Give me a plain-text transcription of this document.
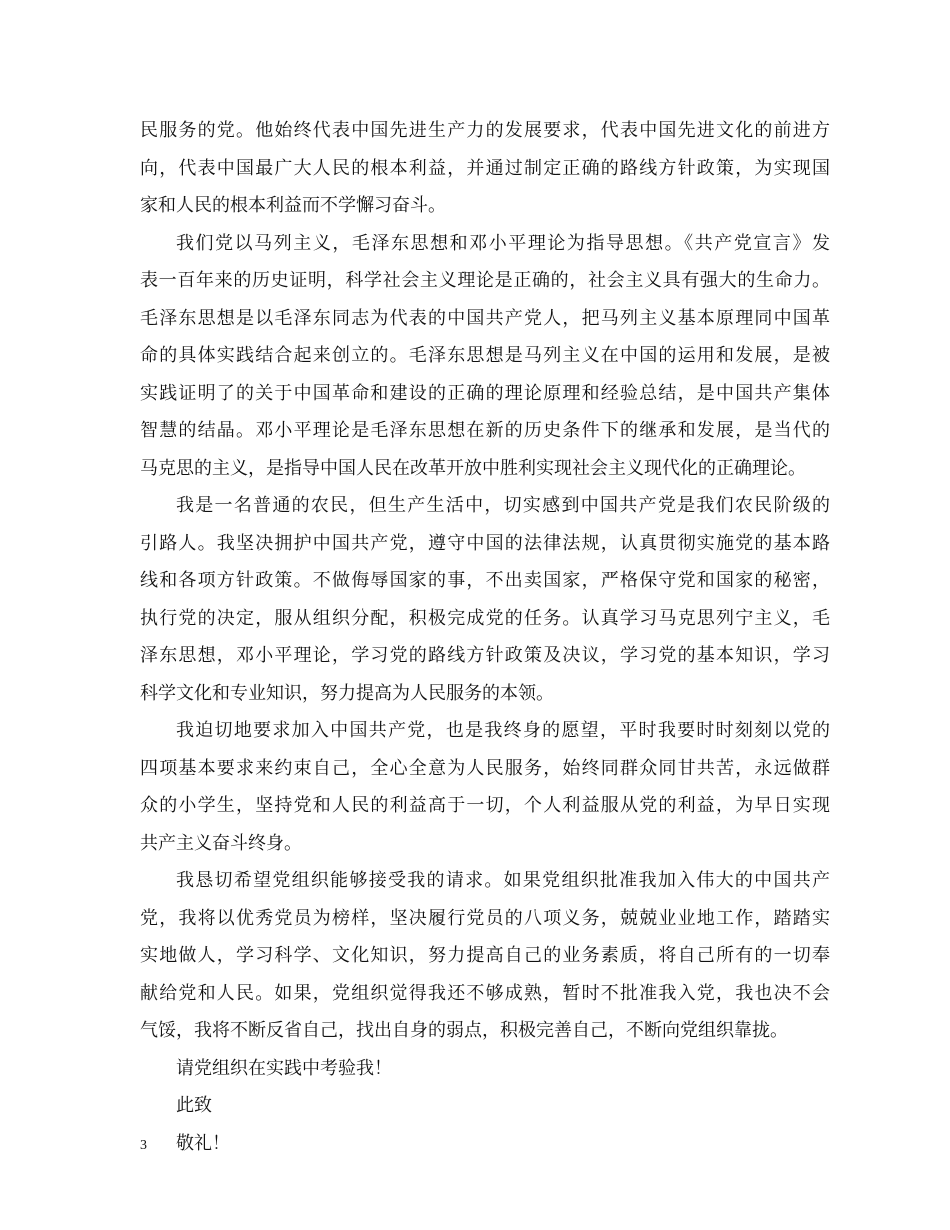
民服务的党。他始终代表中国先进生产力的发展要求，代表中国先进文化的前进方
向，代表中国最广大人民的根本利益，并通过制定正确的路线方针政策，为实现国
家和人民的根本利益而不学懈习奋斗。
我们党以马列主义，毛泽东思想和邓小平理论为指导思想。《共产党宣言》发
表一百年来的历史证明，科学社会主义理论是正确的，社会主义具有强大的生命力。
毛泽东思想是以毛泽东同志为代表的中国共产党人，把马列主义基本原理同中国革
命的具体实践结合起来创立的。毛泽东思想是马列主义在中国的运用和发展，是被
实践证明了的关于中国革命和建设的正确的理论原理和经验总结，是中国共产集体
智慧的结晶。邓小平理论是毛泽东思想在新的历史条件下的继承和发展，是当代的
马克思的主义，是指导中国人民在改革开放中胜利实现社会主义现代化的正确理论。
我是一名普通的农民，但生产生活中，切实感到中国共产党是我们农民阶级的
引路人。我坚决拥护中国共产党，遵守中国的法律法规，认真贯彻实施党的基本路
线和各项方针政策。不做侮辱国家的事，不出卖国家，严格保守党和国家的秘密，
执行党的决定，服从组织分配，积极完成党的任务。认真学习马克思列宁主义，毛
泽东思想，邓小平理论，学习党的路线方针政策及决议，学习党的基本知识，学习
科学文化和专业知识，努力提高为人民服务的本领。
我迫切地要求加入中国共产党，也是我终身的愿望，平时我要时时刻刻以党的
四项基本要求来约束自己，全心全意为人民服务，始终同群众同甘共苦，永远做群
众的小学生，坚持党和人民的利益高于一切，个人利益服从党的利益，为早日实现
共产主义奋斗终身。
我恳切希望党组织能够接受我的请求。如果党组织批准我加入伟大的中国共产
党，我将以优秀党员为榜样，坚决履行党员的八项义务，兢兢业业地工作，踏踏实
实地做人，学习科学、文化知识，努力提高自己的业务素质，将自己所有的一切奉
献给党和人民。如果，党组织觉得我还不够成熟，暂时不批准我入党，我也决不会
气馁，我将不断反省自己，找出自身的弱点，积极完善自己，不断向党组织靠拢。
请党组织在实践中考验我！
此致
敬礼！
3
